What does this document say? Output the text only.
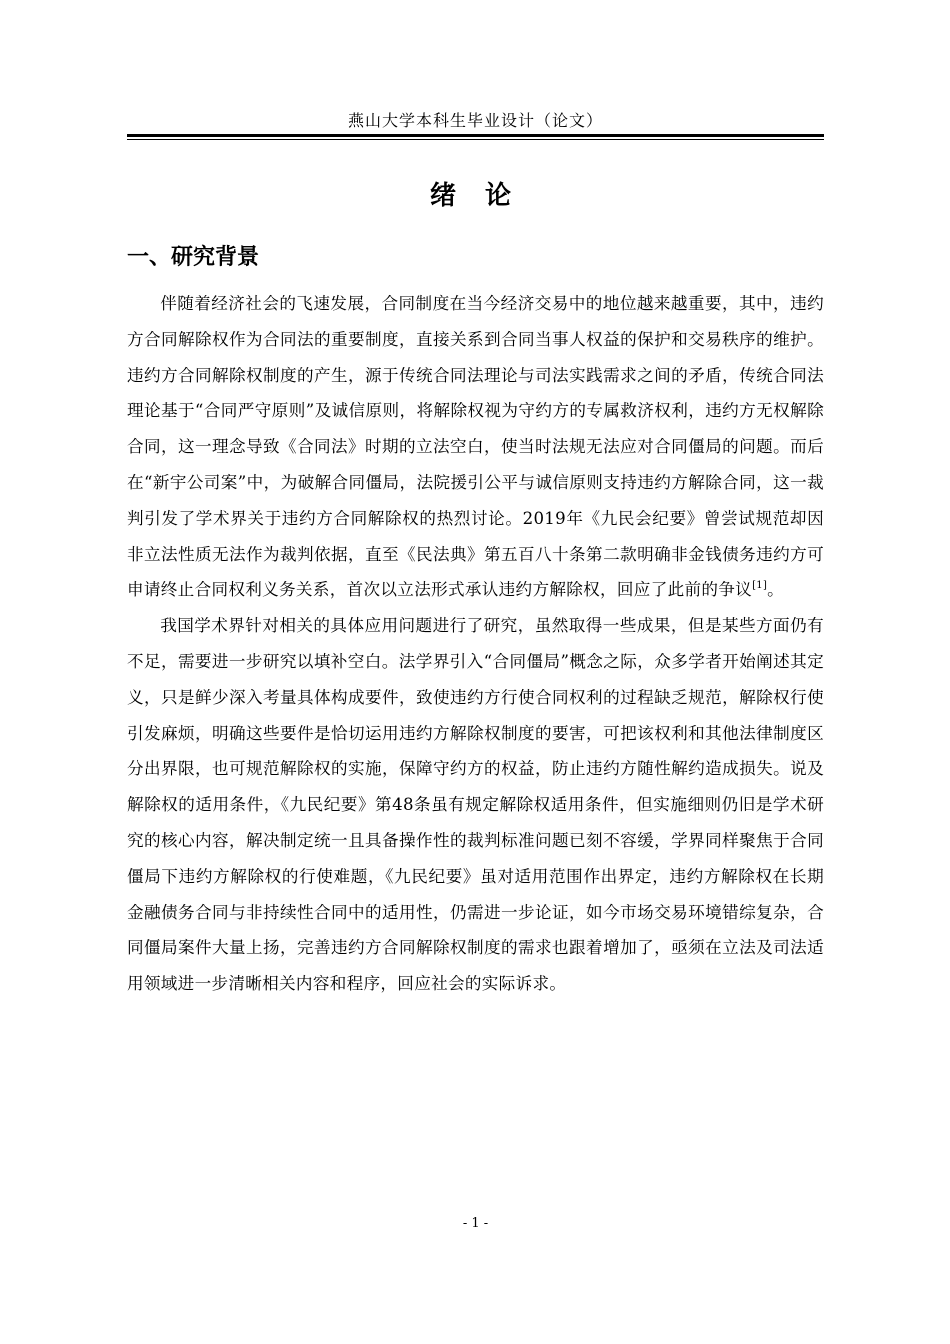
燕山大学本科生毕业设计（论文）
绪 论
一、研究背景

伴随着经济社会的飞速发展，合同制度在当今经济交易中的地位越来越重要，其中，违约方合同解除权作为合同法的重要制度，直接关系到合同当事人权益的保护和交易秩序的维护。违约方合同解除权制度的产生，源于传统合同法理论与司法实践需求之间的矛盾，传统合同法理论基于“合同严守原则”及诚信原则，将解除权视为守约方的专属救济权利，违约方无权解除合同，这一理念导致《合同法》时期的立法空白，使当时法规无法应对合同僵局的问题。而后在“新宇公司案”中，为破解合同僵局，法院援引公平与诚信原则支持违约方解除合同，这一裁判引发了学术界关于违约方合同解除权的热烈讨论。2019年《九民会纪要》曾尝试规范却因非立法性质无法作为裁判依据，直至《民法典》第五百八十条第二款明确非金钱债务违约方可申请终止合同权利义务关系，首次以立法形式承认违约方解除权，回应了此前的争议[1]。

我国学术界针对相关的具体应用问题进行了研究，虽然取得一些成果，但是某些方面仍有不足，需要进一步研究以填补空白。法学界引入“合同僵局”概念之际，众多学者开始阐述其定义，只是鲜少深入考量具体构成要件，致使违约方行使合同权利的过程缺乏规范，解除权行使引发麻烦，明确这些要件是恰切运用违约方解除权制度的要害，可把该权利和其他法律制度区分出界限，也可规范解除权的实施，保障守约方的权益，防止违约方随性解约造成损失。说及解除权的适用条件，《九民纪要》第48条虽有规定解除权适用条件，但实施细则仍旧是学术研究的核心内容，解决制定统一且具备操作性的裁判标准问题已刻不容缓，学界同样聚焦于合同僵局下违约方解除权的行使难题，《九民纪要》虽对适用范围作出界定，违约方解除权在长期金融债务合同与非持续性合同中的适用性，仍需进一步论证，如今市场交易环境错综复杂，合同僵局案件大量上扬，完善违约方合同解除权制度的需求也跟着增加了，亟须在立法及司法适用领域进一步清晰相关内容和程序，回应社会的实际诉求。

- 1 -
